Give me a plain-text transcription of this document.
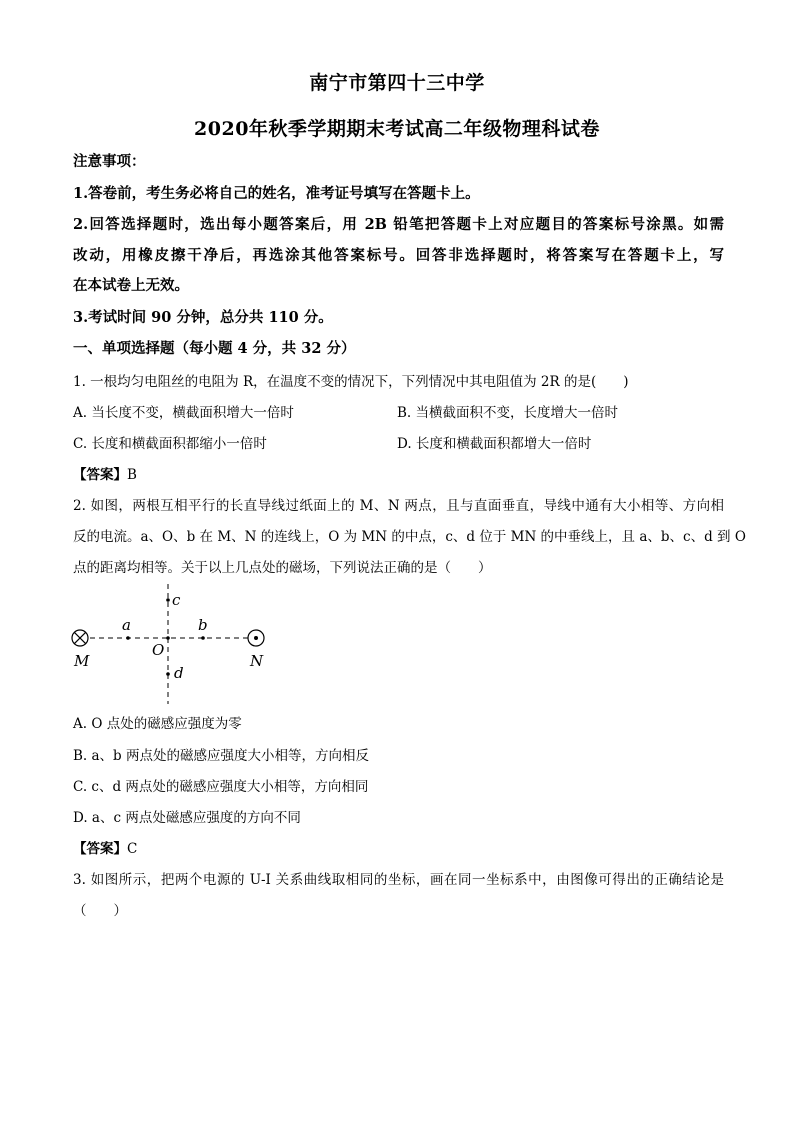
南宁市第四十三中学
2020年秋季学期期末考试高二年级物理科试卷
注意事项：
1.答卷前，考生务必将自己的姓名，准考证号填写在答题卡上。
2.回答选择题时，选出每小题答案后，用 2B 铅笔把答题卡上对应题目的答案标号涂黑。如需
改动，用橡皮擦干净后，再选涂其他答案标号。回答非选择题时，将答案写在答题卡上，写
在本试卷上无效。
3.考试时间 90 分钟，总分共 110 分。
一、单项选择题（每小题 4 分，共 32 分）
1. 一根均匀电阻丝的电阻为 R，在温度不变的情况下，下列情况中其电阻值为 2R 的是(　　)
A. 当长度不变，横截面积增大一倍时	B. 当横截面积不变，长度增大一倍时
C. 长度和横截面积都缩小一倍时	D. 长度和横截面积都增大一倍时
【答案】B
2. 如图，两根互相平行的长直导线过纸面上的 M、N 两点，且与直面垂直，导线中通有大小相等、方向相
反的电流。a、O、b 在 M、N 的连线上，O 为 MN 的中点，c、d 位于 MN 的中垂线上，且 a、b、c、d 到 O
点的距离均相等。关于以上几点处的磁场，下列说法正确的是（　　）
M	N
O
a	b
c
d
A. O 点处的磁感应强度为零
B. a、b 两点处的磁感应强度大小相等，方向相反
C. c、d 两点处的磁感应强度大小相等，方向相同
D. a、c 两点处磁感应强度的方向不同
【答案】C
3. 如图所示，把两个电源的 U-I 关系曲线取相同的坐标，画在同一坐标系中，由图像可得出的正确结论是
（　　）
